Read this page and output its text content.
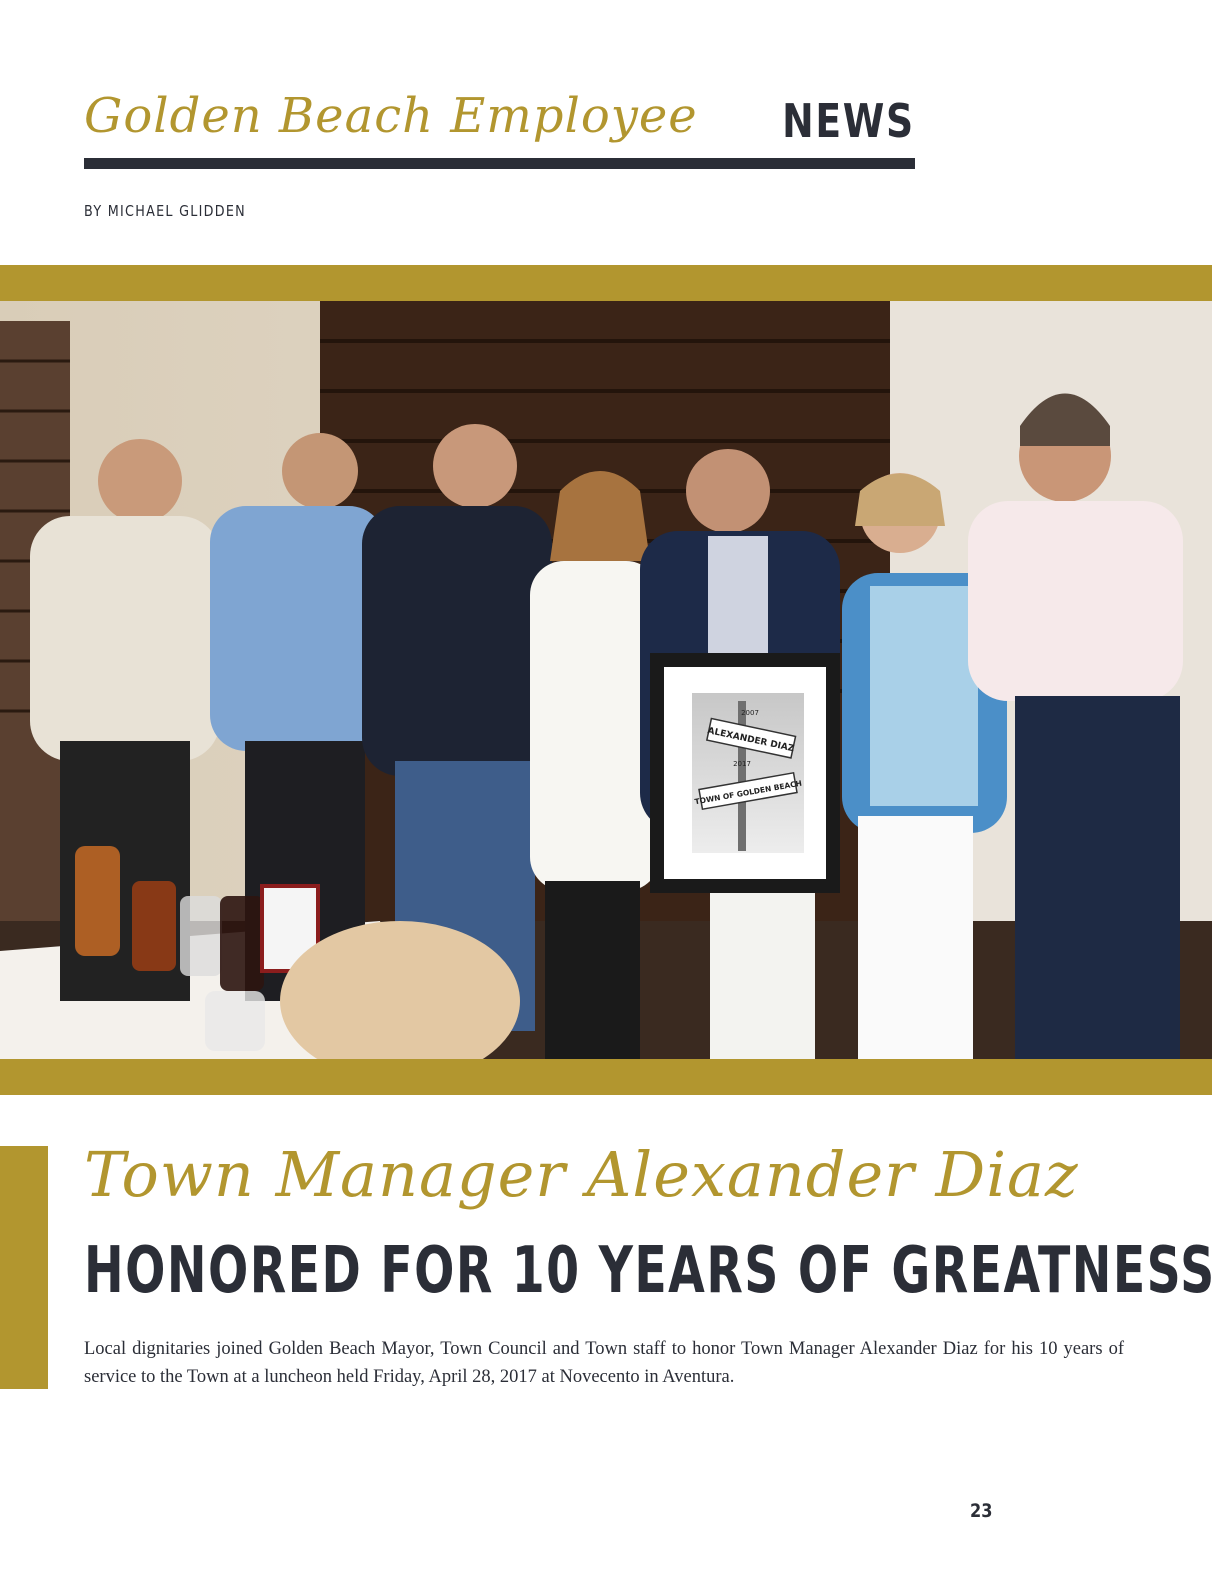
Golden Beach Employee NEWS
BY MICHAEL GLIDDEN
ALEXANDER DIAZ
2007
2017
TOWN OF GOLDEN BEACH
Town Manager Alexander Diaz
HONORED FOR 10 YEARS OF GREATNESS
Local dignitaries joined Golden Beach Mayor, Town Council and Town staff to honor Town Manager Alexander Diaz for his 10 years of service to the Town at a luncheon held Friday, April 28, 2017 at Novecento in Aventura.
23
